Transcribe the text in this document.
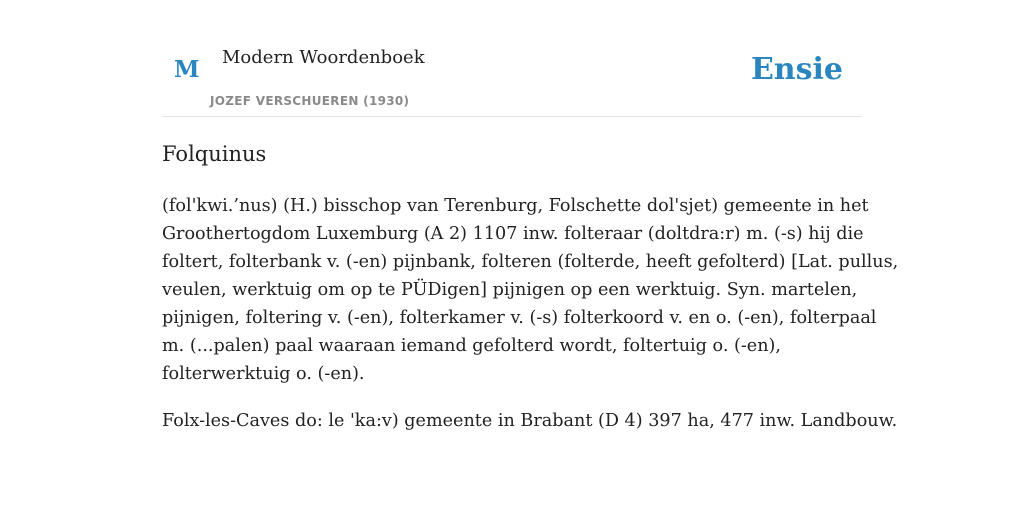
M Modern Woordenboek
JOZEF VERSCHUEREN (1930)
Ensie
Folquinus

(fol'kwi.’nus) (H.) bisschop van Terenburg, Folschette dol'sjet) gemeente in het
Groothertogdom Luxemburg (A 2) 1107 inw. folteraar (doltdra:r) m. (-s) hij die
foltert, folterbank v. (-en) pijnbank, folteren (folterde, heeft gefolterd) [Lat. pullus,
veulen, werktuig om op te PÜDigen] pijnigen op een werktuig. Syn. martelen,
pijnigen, foltering v. (-en), folterkamer v. (-s) folterkoord v. en o. (-en), folterpaal
m. (...palen) paal waaraan iemand gefolterd wordt, foltertuig o. (-en),
folterwerktuig o. (-en).

Folx-les-Caves do: le 'ka:v) gemeente in Brabant (D 4) 397 ha, 477 inw. Landbouw.
